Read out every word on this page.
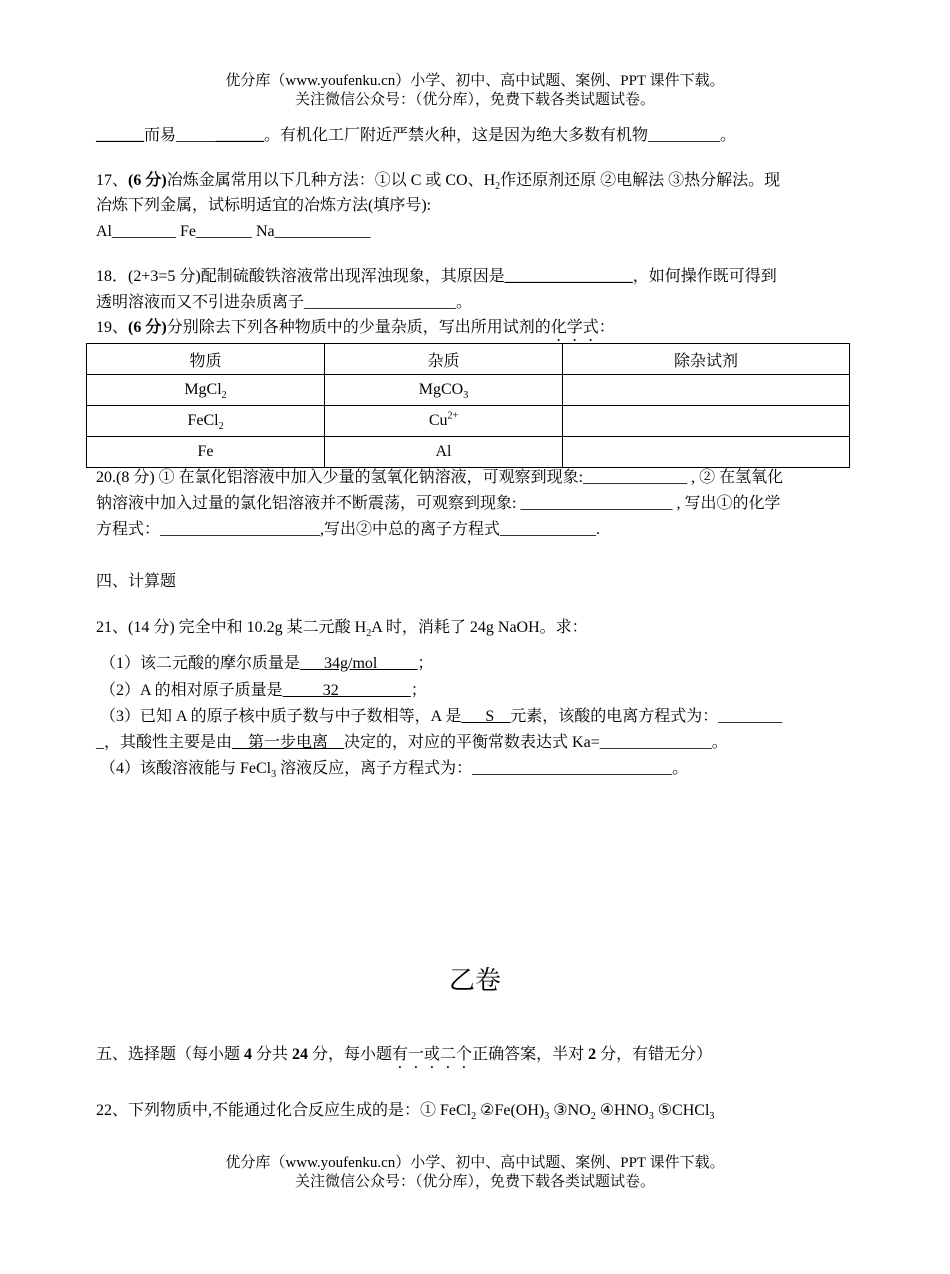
优分库（www.youfenku.cn）小学、初中、高中试题、案例、PPT 课件下载。
关注微信公众号：（优分库），免费下载各类试题试卷。
______而易___________。有机化工厂附近严禁火种，这是因为绝大多数有机物_________。
17、(6 分)冶炼金属常用以下几种方法：①以 C 或 CO、$H_2$作还原剂还原 ②电解法 ③热分解法。现
冶炼下列金属，试标明适宜的冶炼方法(填序号):
Al________ Fe_______ Na____________
18．(2+3=5 分)配制硫酸铁溶液常出现浑浊现象，其原因是________________，如何操作既可得到
透明溶液而又不引进杂质离子___________________。
19、(6 分)分别除去下列各种物质中的少量杂质，写出所用试剂的化学式：
物质	杂质	除杂试剂
MgCl$_2$	MgCO$_3$	
FeCl$_2$	$Cu^{2+}$	
Fe	Al	
20.(8 分) ① 在氯化铝溶液中加入少量的氢氧化钠溶液，可观察到现象:_____________ , ② 在氢氧化
钠溶液中加入过量的氯化铝溶液并不断震荡，可观察到现象: ___________________ , 写出①的化学
方程式：____________________,写出②中总的离子方程式____________.
四、计算题
21、(14 分) 完全中和 10.2g 某二元酸 $H_2A$ 时，消耗了 24g NaOH。求：
（1）该二元酸的摩尔质量是___34g/mol_____；
（2）A 的相对原子质量是_____32_________；
（3）已知 A 的原子核中质子数与中子数相等，A 是___S__元素，该酸的电离方程式为：________
_，其酸性主要是由__第一步电离__决定的，对应的平衡常数表达式 Ka=______________。
（4）该酸溶液能与 FeCl$_3$ 溶液反应，离子方程式为：_________________________。
乙卷
五、选择题（每小题 4 分共 24 分，每小题有一或二个正确答案，半对 2 分，有错无分）
22、下列物质中,不能通过化合反应生成的是：① FeCl$_2$ $②Fe(OH)_3$ $③NO_2$ $④HNO_3$ ⑤CHCl$_3$
优分库（www.youfenku.cn）小学、初中、高中试题、案例、PPT 课件下载。
关注微信公众号：（优分库），免费下载各类试题试卷。
